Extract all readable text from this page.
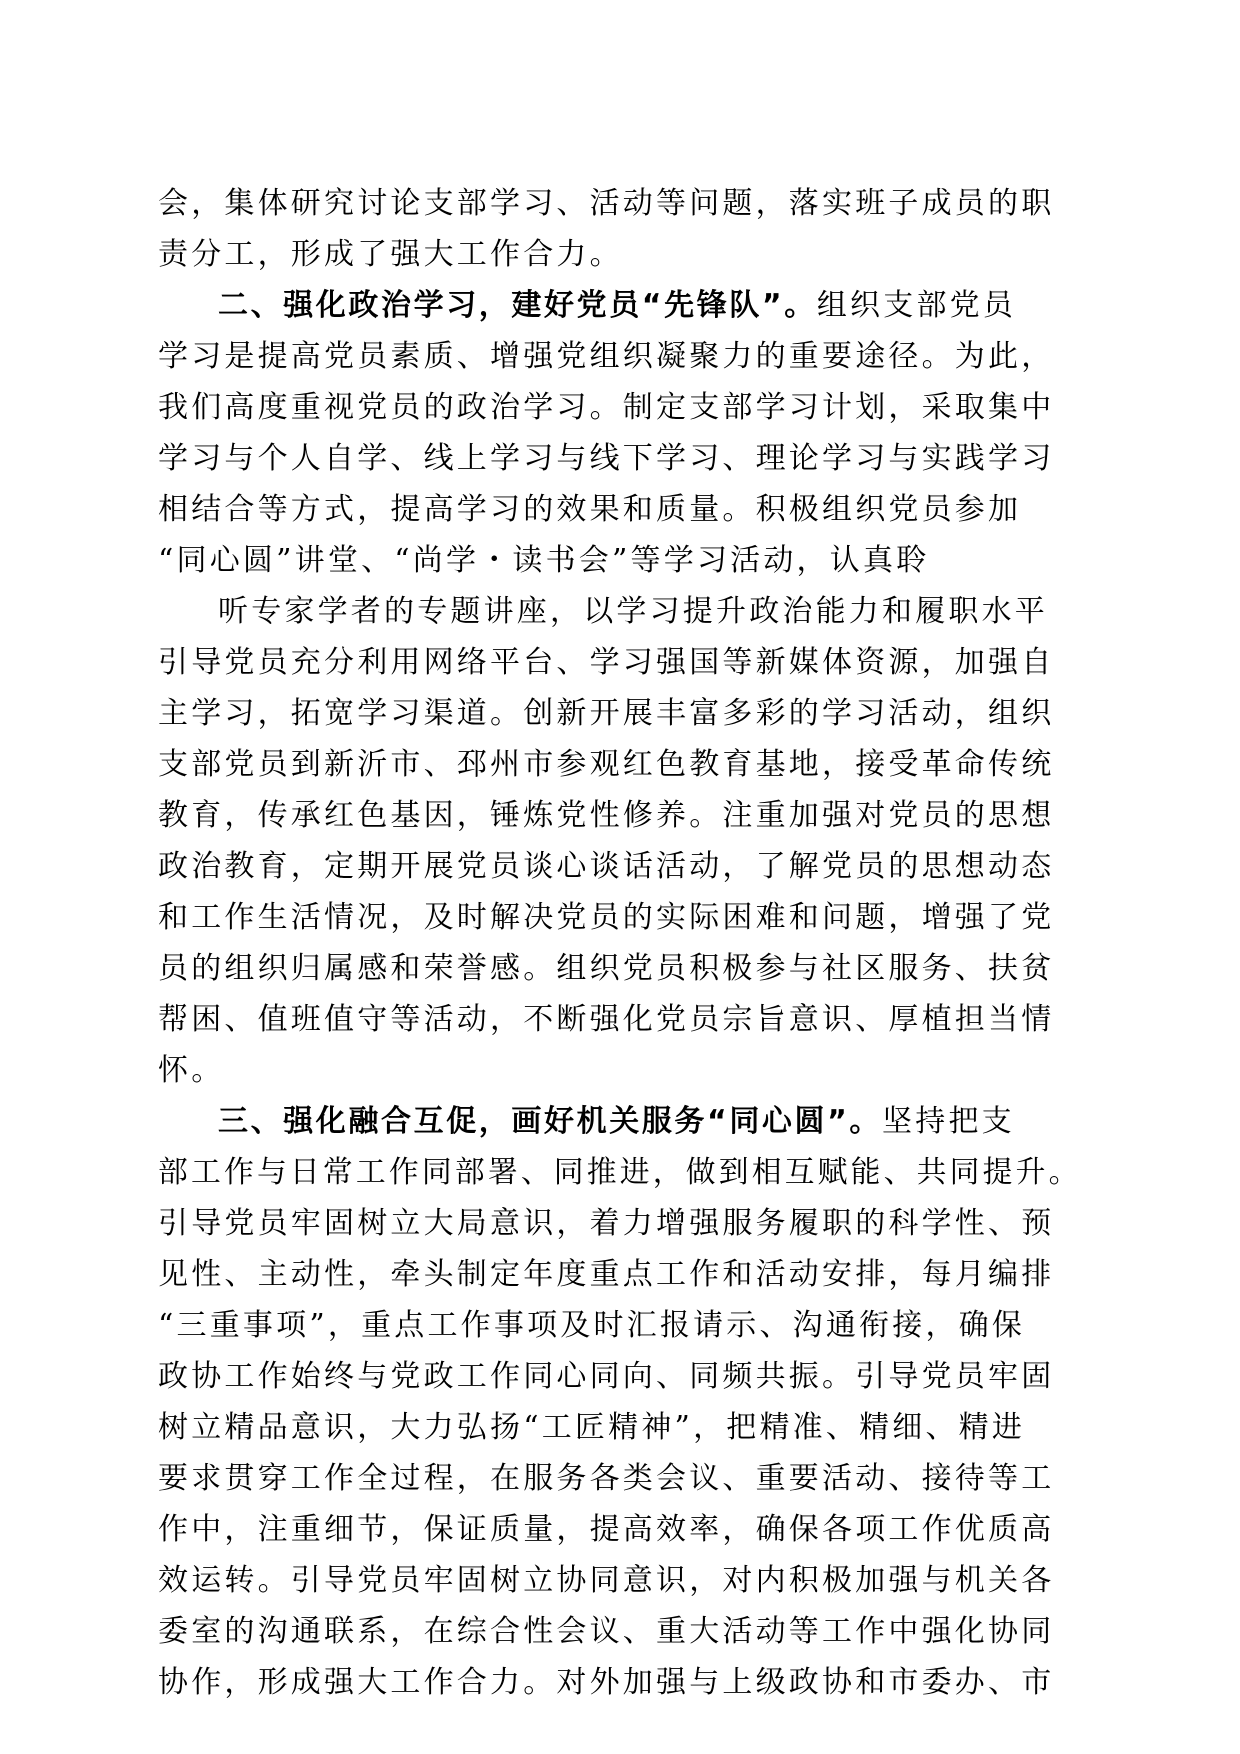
会，集体研究讨论支部学习、活动等问题，落实班子成员的职
责分工，形成了强大工作合力。
二、强化政治学习，建好党员“先锋队”。组织支部党员
学习是提高党员素质、增强党组织凝聚力的重要途径。为此，
我们高度重视党员的政治学习。制定支部学习计划，采取集中
学习与个人自学、线上学习与线下学习、理论学习与实践学习
相结合等方式，提高学习的效果和质量。积极组织党员参加
“同心圆”讲堂、“尚学・读书会”等学习活动，认真聆
听专家学者的专题讲座，以学习提升政治能力和履职水平
引导党员充分利用网络平台、学习强国等新媒体资源，加强自
主学习，拓宽学习渠道。创新开展丰富多彩的学习活动，组织
支部党员到新沂市、邳州市参观红色教育基地，接受革命传统
教育，传承红色基因，锤炼党性修养。注重加强对党员的思想
政治教育，定期开展党员谈心谈话活动，了解党员的思想动态
和工作生活情况，及时解决党员的实际困难和问题，增强了党
员的组织归属感和荣誉感。组织党员积极参与社区服务、扶贫
帮困、值班值守等活动，不断强化党员宗旨意识、厚植担当情
怀。
三、强化融合互促，画好机关服务“同心圆”。坚持把支
部工作与日常工作同部署、同推进，做到相互赋能、共同提升。
引导党员牢固树立大局意识，着力增强服务履职的科学性、预
见性、主动性，牵头制定年度重点工作和活动安排，每月编排
“三重事项”，重点工作事项及时汇报请示、沟通衔接，确保
政协工作始终与党政工作同心同向、同频共振。引导党员牢固
树立精品意识，大力弘扬“工匠精神”，把精准、精细、精进
要求贯穿工作全过程，在服务各类会议、重要活动、接待等工
作中，注重细节，保证质量，提高效率，确保各项工作优质高
效运转。引导党员牢固树立协同意识，对内积极加强与机关各
委室的沟通联系，在综合性会议、重大活动等工作中强化协同
协作，形成强大工作合力。对外加强与上级政协和市委办、市
